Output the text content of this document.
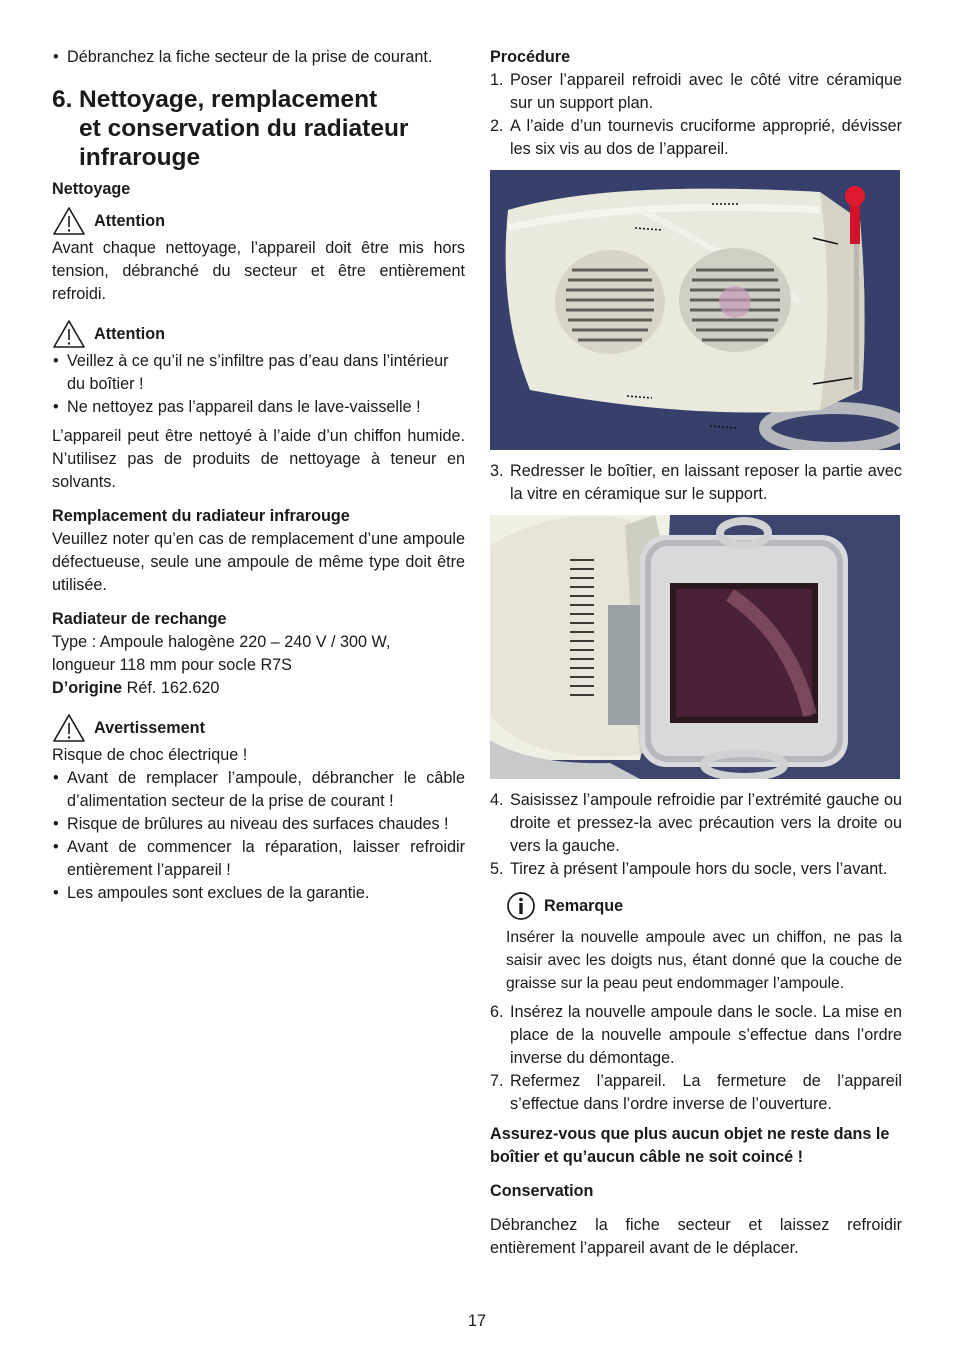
• Débranchez la fiche secteur de la prise de courant.

6. Nettoyage, remplacement
et conservation du radiateur
infrarouge

Nettoyage

Attention

Avant chaque nettoyage, l’appareil doit être mis hors tension, débranché du secteur et être entièrement refroidi.

Attention

• Veillez à ce qu’il ne s’infiltre pas d’eau dans l’intérieur du boîtier !

• Ne nettoyez pas l’appareil dans le lave-vaisselle !

L’appareil peut être nettoyé à l’aide d’un chiffon humide. N’utilisez pas de produits de nettoyage à teneur en solvants.

Remplacement du radiateur infrarouge

Veuillez noter qu’en cas de remplacement d’une ampoule défectueuse, seule une ampoule de même type doit être utilisée.

Radiateur de rechange

Type : Ampoule halogène 220 – 240 V / 300 W,

longueur 118 mm pour socle R7S

D’origine Réf. 162.620

Avertissement

Risque de choc électrique !

• Avant de remplacer l’ampoule, débrancher le câble d’alimentation secteur de la prise de courant !

• Risque de brûlures au niveau des surfaces chaudes !

• Avant de commencer la réparation, laisser refroidir entièrement l’appareil !

• Les ampoules sont exclues de la garantie.

Procédure

1. Poser l’appareil refroidi avec le côté vitre céramique sur un support plan.

2. A l’aide d’un tournevis cruciforme approprié, dévisser les six vis au dos de l’appareil.

3. Redresser le boîtier, en laissant reposer la partie avec la vitre en céramique sur le support.

4. Saisissez l’ampoule refroidie par l’extrémité gauche ou droite et pressez-la avec précaution vers la droite ou vers la gauche.

5. Tirez à présent l’ampoule hors du socle, vers l’avant.

Remarque

Insérer la nouvelle ampoule avec un chiffon, ne pas la saisir avec les doigts nus, étant donné que la couche de graisse sur la peau peut endommager l’ampoule.

6. Insérez la nouvelle ampoule dans le socle. La mise en place de la nouvelle ampoule s’effectue dans l’ordre inverse du démontage.

7. Refermez l’appareil. La fermeture de l’appareil s’effectue dans l’ordre inverse de l’ouverture.

Assurez-vous que plus aucun objet ne reste dans le boîtier et qu’aucun câble ne soit coincé !

Conservation

Débranchez la fiche secteur et laissez refroidir entièrement l’appareil avant de le déplacer.

17
